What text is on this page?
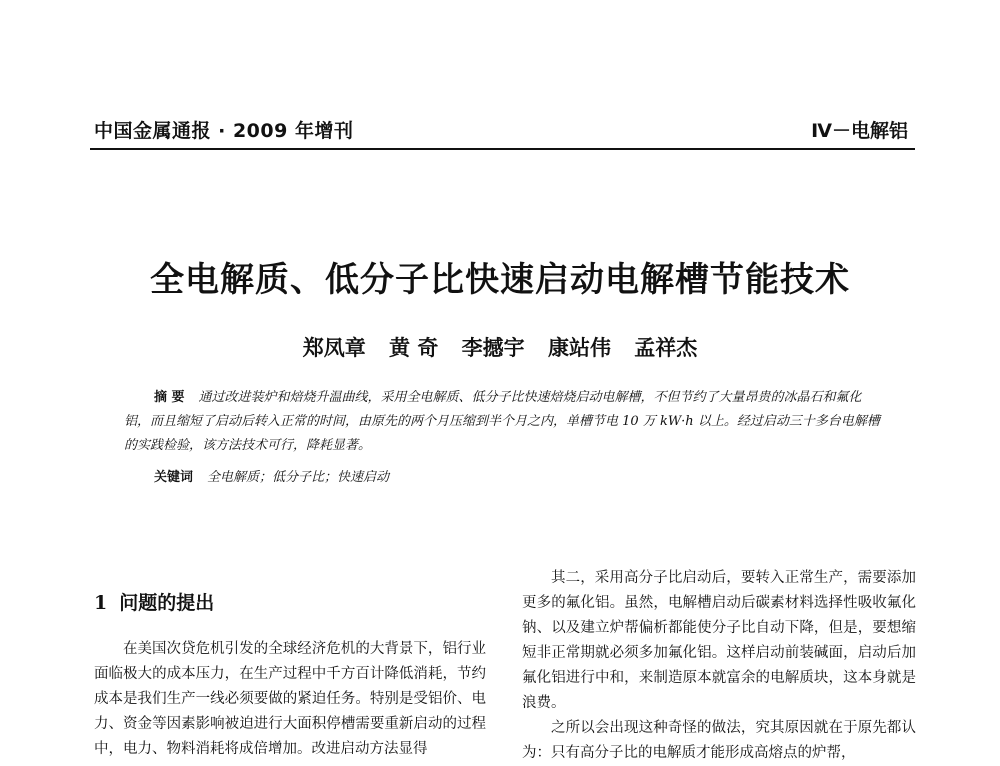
中国金属通报 · 2009 年增刊	Ⅳ－电解铝
全电解质、低分子比快速启动电解槽节能技术
郑凤章 黄 奇 李撼宇 康站伟 孟祥杰
摘 要 通过改进装炉和焙烧升温曲线，采用全电解质、低分子比快速焙烧启动电解槽，不但节约了大量昂贵的冰晶石和氟化铝，而且缩短了启动后转入正常的时间，由原先的两个月压缩到半个月之内，单槽节电 10 万 kW·h 以上。经过启动三十多台电解槽的实践检验，该方法技术可行，降耗显著。
关键词 全电解质；低分子比；快速启动
1 问题的提出

在美国次贷危机引发的全球经济危机的大背景下，铝行业面临极大的成本压力，在生产过程中千方百计降低消耗，节约成本是我们生产一线必须要做的紧迫任务。特别是受铝价、电力、资金等因素影响被迫进行大面积停槽需要重新启动的过程中，电力、物料消耗将成倍增加。改进启动方法显得

其二，采用高分子比启动后，要转入正常生产，需要添加更多的氟化铝。虽然，电解槽启动后碳素材料选择性吸收氟化钠、以及建立炉帮偏析都能使分子比自动下降，但是，要想缩短非正常期就必须多加氟化铝。这样启动前装碱面，启动后加氟化铝进行中和，来制造原本就富余的电解质块，这本身就是浪费。

之所以会出现这种奇怪的做法，究其原因就在于原先都认为：只有高分子比的电解质才能形成高熔点的炉帮，
